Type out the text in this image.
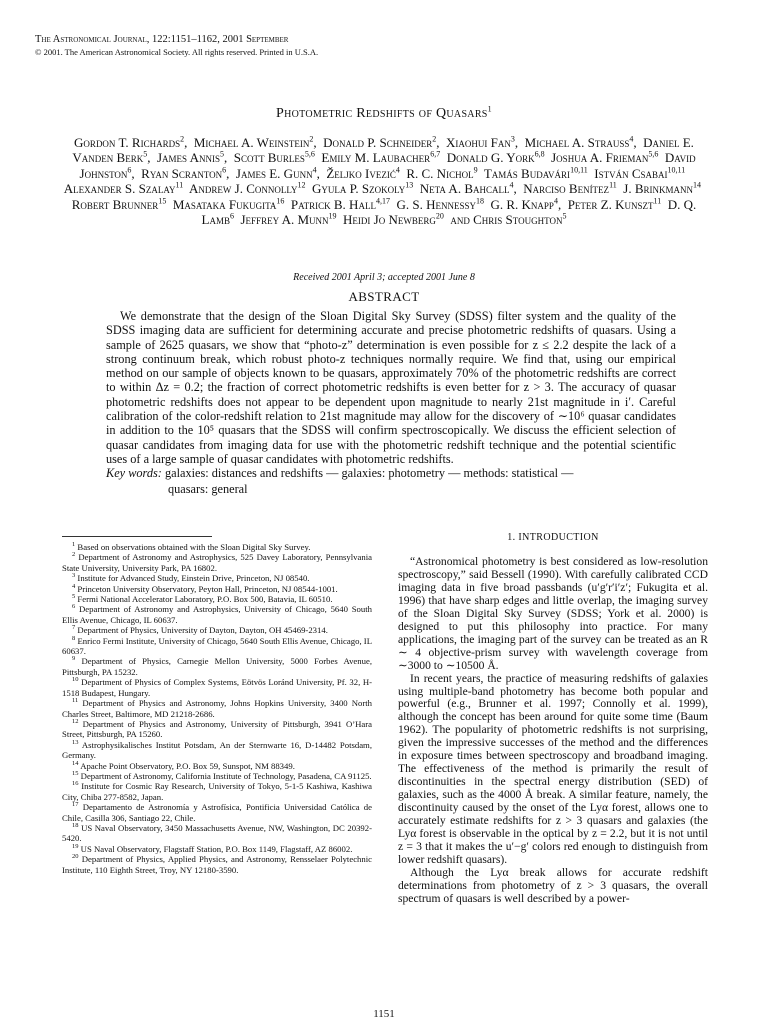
The Astronomical Journal, 122:1151–1162, 2001 September
© 2001. The American Astronomical Society. All rights reserved. Printed in U.S.A.
Photometric Redshifts of Quasars$^1$
Gordon T. Richards$^2$,  Michael A. Weinstein$^2$,  Donald P. Schneider$^2$,  Xiaohui Fan$^3$,  Michael A. Strauss$^4$,  Daniel E. Vanden Berk$^5$,  James Annis$^5$,  Scott Burles$^{5,6}$ Emily M. Laubacher$^{6,7}$ Donald G. York$^{6,8}$ Joshua A. Frieman$^{5,6}$ David Johnston$^6$,  Ryan Scranton$^6$,  James E. Gunn$^4$,  Željko Ivezić$^4$ R. C. Nichol$^9$ Tamás Budavári$^{10,11}$ István Csabai$^{10,11}$  Alexander S. Szalay$^{11}$ Andrew J. Connolly$^{12}$ Gyula P. Szokoly$^{13}$ Neta A. Bahcall$^4$,  Narciso Benítez$^{11}$ J. Brinkmann$^{14}$  Robert Brunner$^{15}$ Masataka Fukugita$^{16}$ Patrick B. Hall$^{4,17}$ G. S. Hennessy$^{18}$ G. R. Knapp$^4$,  Peter Z. Kunszt$^{11}$ D. Q. Lamb$^6$ Jeffrey A. Munn$^{19}$ Heidi Jo Newberg$^{20}$ and Chris Stoughton$^5$
Received 2001 April 3; accepted 2001 June 8
ABSTRACT
We demonstrate that the design of the Sloan Digital Sky Survey (SDSS) filter system and the quality of the SDSS imaging data are sufficient for determining accurate and precise photometric redshifts of quasars. Using a sample of 2625 quasars, we show that “photo-z” determination is even possible for z ≤ 2.2 despite the lack of a strong continuum break, which robust photo-z techniques normally require. We find that, using our empirical method on our sample of objects known to be quasars, approximately 70% of the photometric redshifts are correct to within Δz = 0.2; the fraction of correct photometric redshifts is even better for z > 3. The accuracy of quasar photometric redshifts does not appear to be dependent upon magnitude to nearly 21st magnitude in i′. Careful calibration of the color-redshift relation to 21st magnitude may allow for the discovery of ∼10⁶ quasar candidates in addition to the 10⁵ quasars that the SDSS will confirm spectroscopically. We discuss the efficient selection of quasar candidates from imaging data for use with the photometric redshift technique and the potential scientific uses of a large sample of quasar candidates with photometric redshifts.
Key words: galaxies: distances and redshifts — galaxies: photometry — methods: statistical —
quasars: general

$^1$ Based on observations obtained with the Sloan Digital Sky Survey.

$^2$ Department of Astronomy and Astrophysics, 525 Davey Laboratory, Pennsylvania State University, University Park, PA 16802.

$^3$ Institute for Advanced Study, Einstein Drive, Princeton, NJ 08540.

$^4$ Princeton University Observatory, Peyton Hall, Princeton, NJ 08544-1001.

$^5$ Fermi National Accelerator Laboratory, P.O. Box 500, Batavia, IL 60510.

$^6$ Department of Astronomy and Astrophysics, University of Chicago, 5640 South Ellis Avenue, Chicago, IL 60637.

$^7$ Department of Physics, University of Dayton, Dayton, OH 45469-2314.

$^8$ Enrico Fermi Institute, University of Chicago, 5640 South Ellis Avenue, Chicago, IL 60637.

$^9$ Department of Physics, Carnegie Mellon University, 5000 Forbes Avenue, Pittsburgh, PA 15232.

$^{10}$ Department of Physics of Complex Systems, Eötvös Loránd University, Pf. 32, H-1518 Budapest, Hungary.

$^{11}$ Department of Physics and Astronomy, Johns Hopkins University, 3400 North Charles Street, Baltimore, MD 21218-2686.

$^{12}$ Department of Physics and Astronomy, University of Pittsburgh, 3941 O’Hara Street, Pittsburgh, PA 15260.

$^{13}$ Astrophysikalisches Institut Potsdam, An der Sternwarte 16, D-14482 Potsdam, Germany.

$^{14}$ Apache Point Observatory, P.O. Box 59, Sunspot, NM 88349.

$^{15}$ Department of Astronomy, California Institute of Technology, Pasadena, CA 91125.

$^{16}$ Institute for Cosmic Ray Research, University of Tokyo, 5-1-5 Kashiwa, Kashiwa City, Chiba 277-8582, Japan.

$^{17}$ Departamento de Astronomía y Astrofísica, Pontificia Universidad Católica de Chile, Casilla 306, Santiago 22, Chile.

$^{18}$ US Naval Observatory, 3450 Massachusetts Avenue, NW, Washington, DC 20392-5420.

$^{19}$ US Naval Observatory, Flagstaff Station, P.O. Box 1149, Flagstaff, AZ 86002.

$^{20}$ Department of Physics, Applied Physics, and Astronomy, Rensselaer Polytechnic Institute, 110 Eighth Street, Troy, NY 12180-3590.

1. INTRODUCTION

“Astronomical photometry is best considered as low-resolution spectroscopy,” said Bessell (1990). With carefully calibrated CCD imaging data in five broad passbands (u′g′r′i′z′; Fukugita et al. 1996) that have sharp edges and little overlap, the imaging survey of the Sloan Digital Sky Survey (SDSS; York et al. 2000) is designed to put this philosophy into practice. For many applications, the imaging part of the survey can be treated as an R ∼ 4 objective-prism survey with wavelength coverage from ∼3000 to ∼10500 Å.

In recent years, the practice of measuring redshifts of galaxies using multiple-band photometry has become both popular and powerful (e.g., Brunner et al. 1997; Connolly et al. 1999), although the concept has been around for quite some time (Baum 1962). The popularity of photometric redshifts is not surprising, given the impressive successes of the method and the differences in exposure times between spectroscopy and broadband imaging. The effectiveness of the method is primarily the result of discontinuities in the spectral energy distribution (SED) of galaxies, such as the 4000 Å break. A similar feature, namely, the discontinuity caused by the onset of the Lyα forest, allows one to accurately estimate redshifts for z > 3 quasars and galaxies (the Lyα forest is observable in the optical by z = 2.2, but it is not until z = 3 that it makes the u′−g′ colors red enough to distinguish from lower redshift quasars).

Although the Lyα break allows for accurate redshift determinations from photometry of z > 3 quasars, the overall spectrum of quasars is well described by a power-

1151
